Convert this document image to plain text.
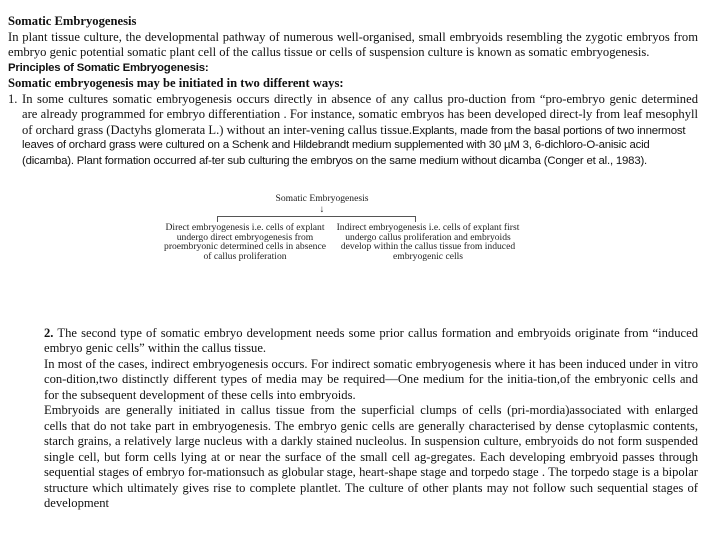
Somatic Embryogenesis
In plant tissue culture, the developmental pathway of numerous well-organised, small embryoids resembling the zygotic embryos from
embryo genic potential somatic plant cell of the callus tissue or cells of suspension culture is known as somatic embryogenesis.
Principles of Somatic Embryogenesis:
Somatic embryogenesis may be initiated in two different ways:
1. In some cultures somatic embryogenesis occurs directly in absence of any callus pro-duction from “pro-embryo genic determined
are already programmed for embryo differentiation . For instance, somatic embryos has been developed direct-ly from leaf mesophyll
of orchard grass (Dactyhs glomerata L.) without an inter-vening callus tissue.Explants, made from the basal portions of two innermost
leaves of orchard grass were cultured on a Schenk and Hildebrandt medium supplemented with 30 µM 3, 6-dichloro-O-anisic acid
(dicamba). Plant formation occurred af-ter sub culturing the embryos on the same medium without dicamba (Conger et al., 1983).
Somatic Embryogenesis
↓
Direct embryogenesis i.e. cells of explant
undergo direct embryogenesis from
proembryonic determined cells in absence
of callus proliferation
Indirect embryogenesis i.e. cells of explant first
undergo callus proliferation and embryoids
develop within the callus tissue from induced
embryogenic cells
2. The second type of somatic embryo development needs some prior callus formation and embryoids originate from “induced
embryo genic cells” within the callus tissue.
In most of the cases, indirect embryogenesis occurs. For indirect somatic embryogenesis where it has been induced under in vitro
con-dition,two distinctly different types of media may be required—One medium for the initia-tion,of the embryonic cells and
for the subsequent development of these cells into embryoids.
Embryoids are generally initiated in callus tissue from the superficial clumps of cells (pri-mordia)associated with enlarged
cells that do not take part in embryogenesis. The embryo genic cells are generally characterised by dense cytoplasmic contents,
starch grains, a relatively large nucleus with a darkly stained nucleolus. In suspension culture, embryoids do not form suspended
single cell, but form cells lying at or near the surface of the small cell ag-gregates. Each developing embryoid passes through
sequential stages of embryo for-mationsuch as globular stage, heart-shape stage and torpedo stage . The torpedo stage is a bipolar
structure which ultimately gives rise to complete plantlet. The culture of other plants may not follow such sequential stages of
development
